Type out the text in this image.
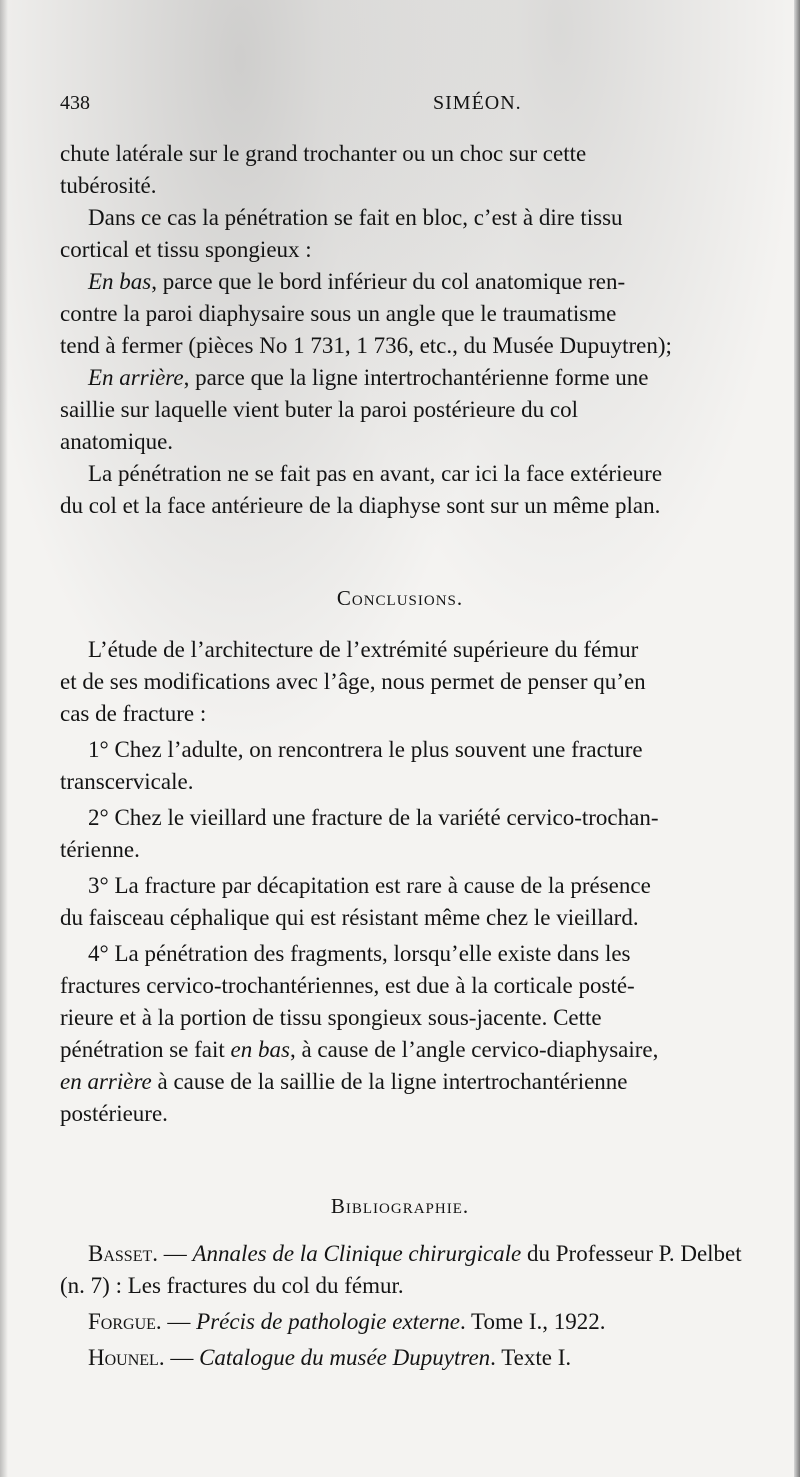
438	SIMÉON.
chute latérale sur le grand trochanter ou un choc sur cette
tubérosité.
Dans ce cas la pénétration se fait en bloc, c’est à dire tissu
cortical et tissu spongieux :
En bas, parce que le bord inférieur du col anatomique ren-
contre la paroi diaphysaire sous un angle que le traumatisme
tend à fermer (pièces No 1 731, 1 736, etc., du Musée Dupuytren);
En arrière, parce que la ligne intertrochantérienne forme une
saillie sur laquelle vient buter la paroi postérieure du col
anatomique.
La pénétration ne se fait pas en avant, car ici la face extérieure
du col et la face antérieure de la diaphyse sont sur un même plan.
Conclusions.
L’étude de l’architecture de l’extrémité supérieure du fémur
et de ses modifications avec l’âge, nous permet de penser qu’en
cas de fracture :
1° Chez l’adulte, on rencontrera le plus souvent une fracture
transcervicale.
2° Chez le vieillard une fracture de la variété cervico-trochan-
térienne.
3° La fracture par décapitation est rare à cause de la présence
du faisceau céphalique qui est résistant même chez le vieillard.
4° La pénétration des fragments, lorsqu’elle existe dans les
fractures cervico-trochantériennes, est due à la corticale posté-
rieure et à la portion de tissu spongieux sous-jacente. Cette
pénétration se fait en bas, à cause de l’angle cervico-diaphysaire,
en arrière à cause de la saillie de la ligne intertrochantérienne
postérieure.
Bibliographie.
Basset. — Annales de la Clinique chirurgicale du Professeur P. Delbet
(n. 7) : Les fractures du col du fémur.
Forgue. — Précis de pathologie externe. Tome I., 1922.
Hounel. — Catalogue du musée Dupuytren. Texte I.
